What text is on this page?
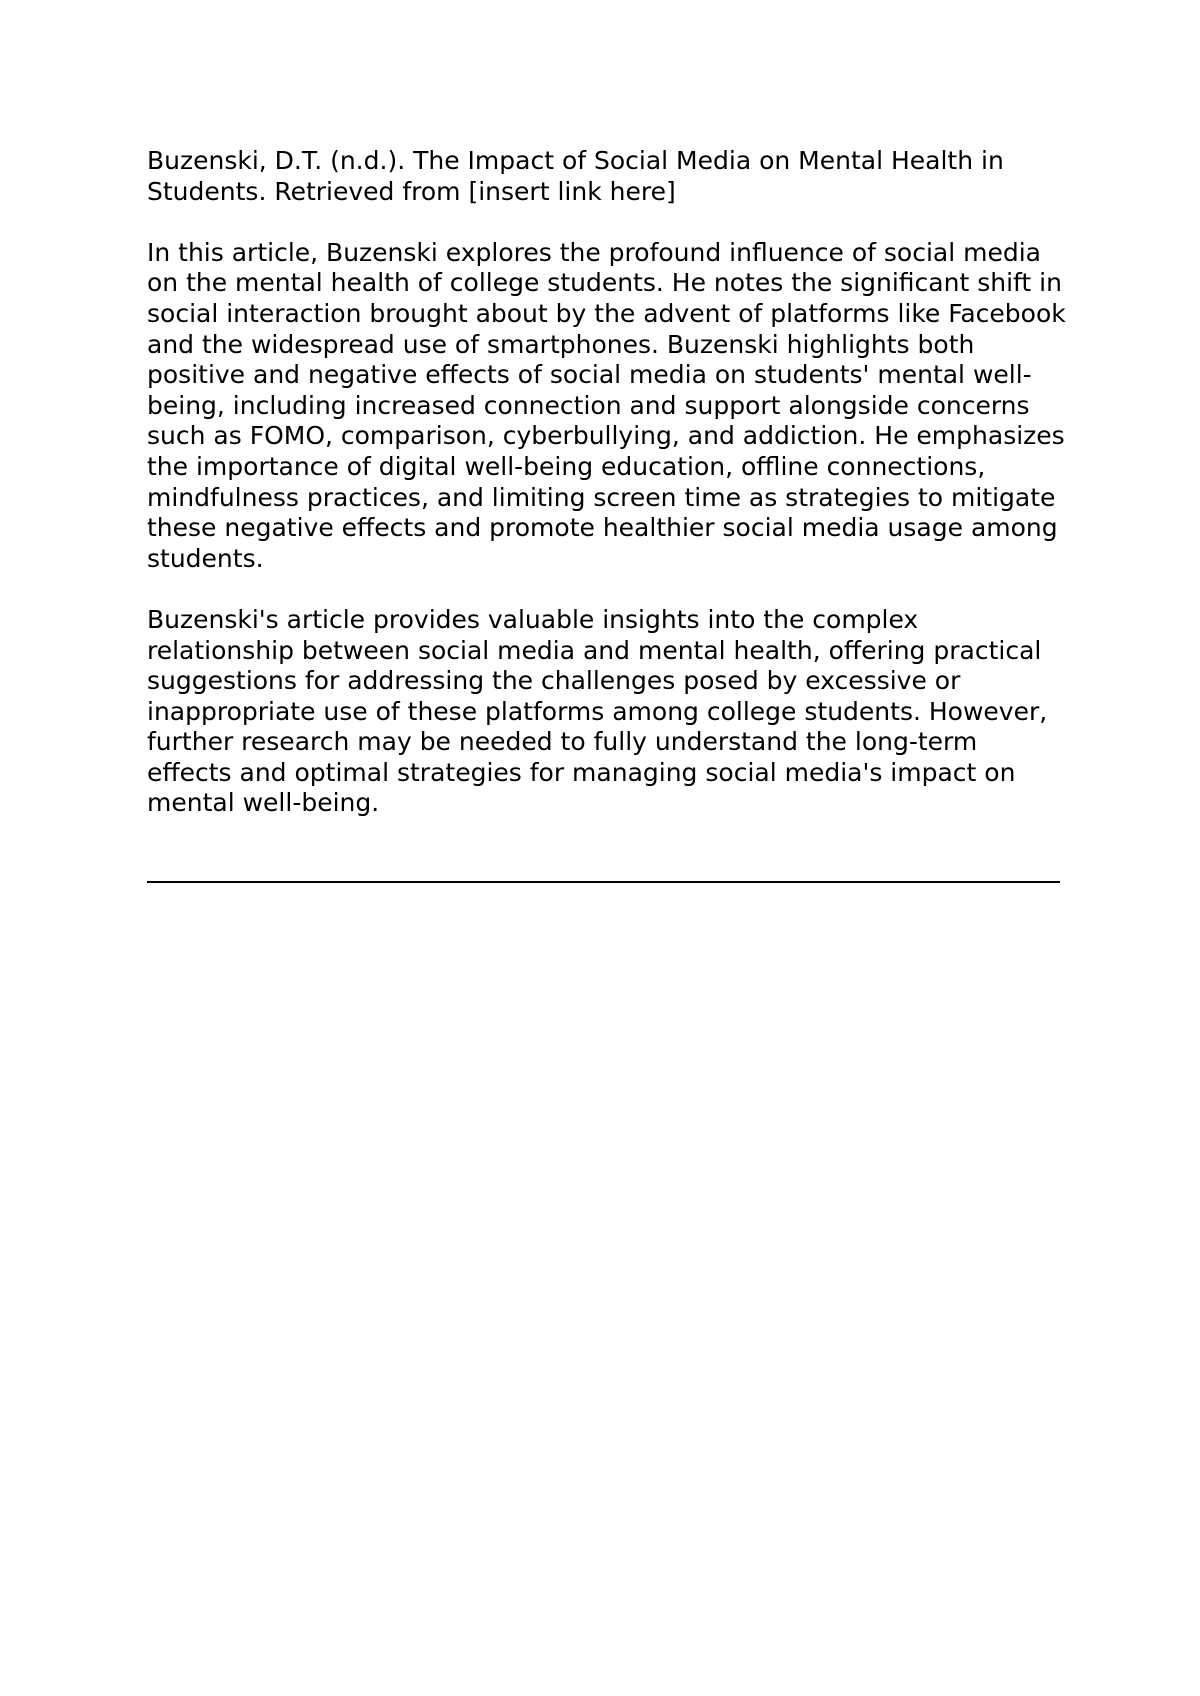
Buzenski, D.T. (n.d.). The Impact of Social Media on Mental Health in Students. Retrieved from [insert link here]

In this article, Buzenski explores the profound influence of social media on the mental health of college students. He notes the significant shift in social interaction brought about by the advent of platforms like Facebook and the widespread use of smartphones. Buzenski highlights both positive and negative effects of social media on students' mental well-being, including increased connection and support alongside concerns such as FOMO, comparison, cyberbullying, and addiction. He emphasizes the importance of digital well-being education, offline connections, mindfulness practices, and limiting screen time as strategies to mitigate these negative effects and promote healthier social media usage among students.

Buzenski's article provides valuable insights into the complex relationship between social media and mental health, offering practical suggestions for addressing the challenges posed by excessive or inappropriate use of these platforms among college students. However, further research may be needed to fully understand the long-term effects and optimal strategies for managing social media's impact on mental well-being.
